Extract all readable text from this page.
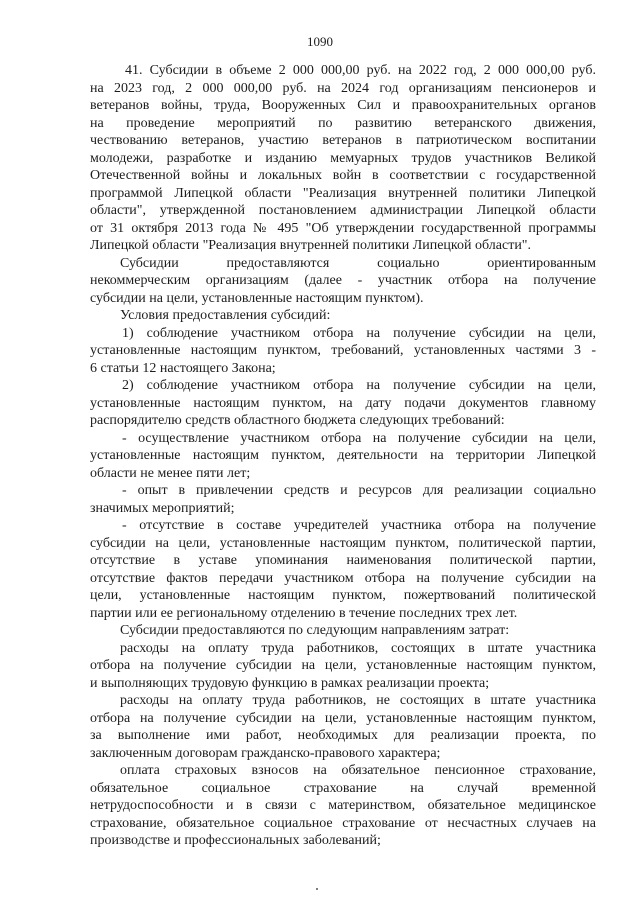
1090
41. Субсидии в объеме 2 000 000,00 руб. на 2022 год, 2 000 000,00 руб.
на 2023 год, 2 000 000,00 руб. на 2024 год организациям пенсионеров и
ветеранов войны, труда, Вооруженных Сил и правоохранительных органов
на проведение мероприятий по развитию ветеранского движения,
чествованию ветеранов, участию ветеранов в патриотическом воспитании
молодежи, разработке и изданию мемуарных трудов участников Великой
Отечественной войны и локальных войн в соответствии с государственной
программой Липецкой области "Реализация внутренней политики Липецкой
области", утвержденной постановлением администрации Липецкой области
от 31 октября 2013 года № 495 "Об утверждении государственной программы
Липецкой области "Реализация внутренней политики Липецкой области".
Субсидии предоставляются социально ориентированным
некоммерческим организациям (далее - участник отбора на получение
субсидии на цели, установленные настоящим пунктом).
Условия предоставления субсидий:
1) соблюдение участником отбора на получение субсидии на цели,
установленные настоящим пунктом, требований, установленных частями 3 -
6 статьи 12 настоящего Закона;
2) соблюдение участником отбора на получение субсидии на цели,
установленные настоящим пунктом, на дату подачи документов главному
распорядителю средств областного бюджета следующих требований:
- осуществление участником отбора на получение субсидии на цели,
установленные настоящим пунктом, деятельности на территории Липецкой
области не менее пяти лет;
- опыт в привлечении средств и ресурсов для реализации социально
значимых мероприятий;
- отсутствие в составе учредителей участника отбора на получение
субсидии на цели, установленные настоящим пунктом, политической партии,
отсутствие в уставе упоминания наименования политической партии,
отсутствие фактов передачи участником отбора на получение субсидии на
цели, установленные настоящим пунктом, пожертвований политической
партии или ее региональному отделению в течение последних трех лет.
Субсидии предоставляются по следующим направлениям затрат:
расходы на оплату труда работников, состоящих в штате участника
отбора на получение субсидии на цели, установленные настоящим пунктом,
и выполняющих трудовую функцию в рамках реализации проекта;
расходы на оплату труда работников, не состоящих в штате участника
отбора на получение субсидии на цели, установленные настоящим пунктом,
за выполнение ими работ, необходимых для реализации проекта, по
заключенным договорам гражданско-правового характера;
оплата страховых взносов на обязательное пенсионное страхование,
обязательное социальное страхование на случай временной
нетрудоспособности и в связи с материнством, обязательное медицинское
страхование, обязательное социальное страхование от несчастных случаев на
производстве и профессиональных заболеваний;
